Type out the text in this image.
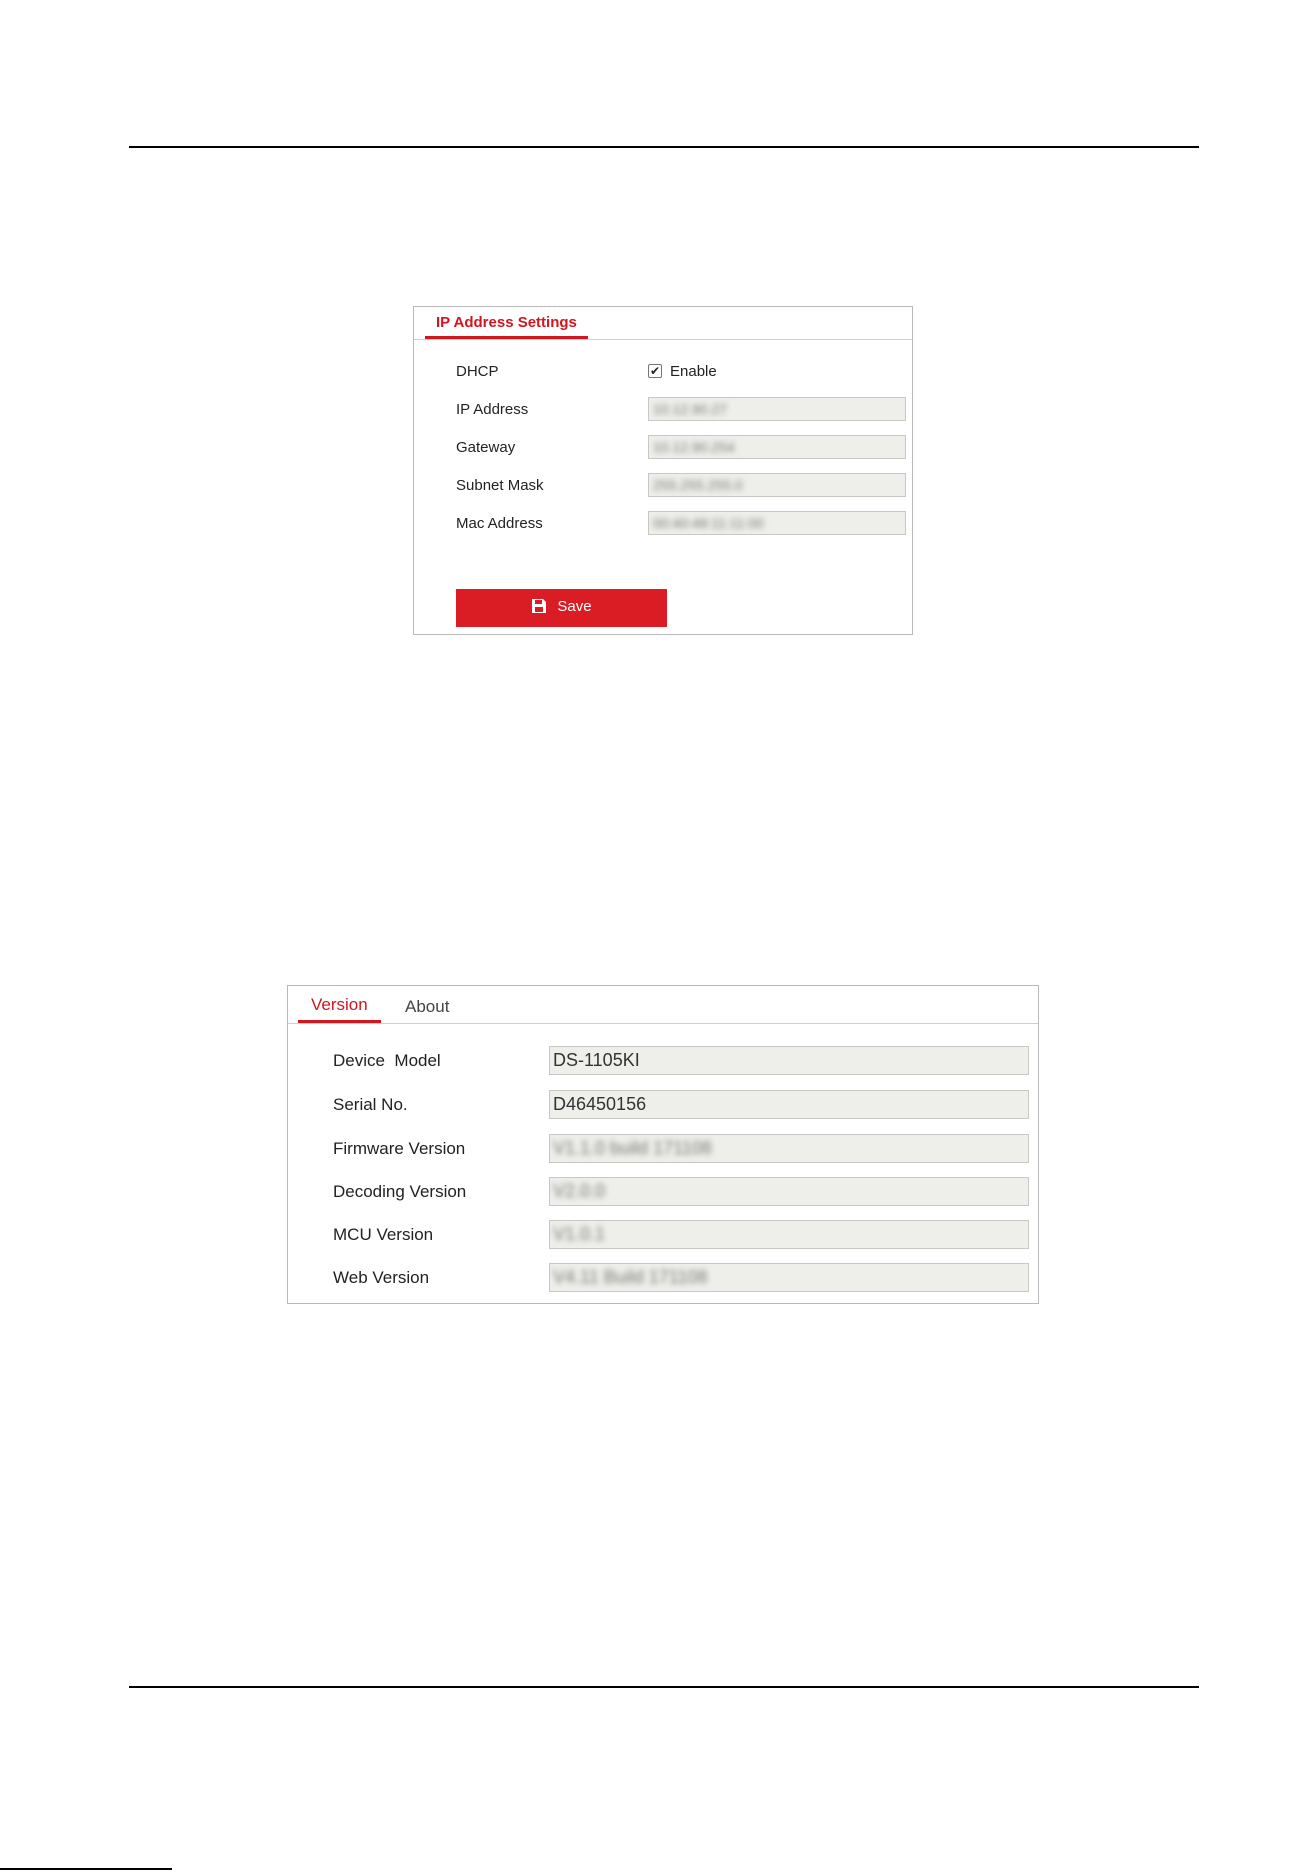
IP Address Settings
DHCP	✔ Enable
IP Address	10.12.90.27
Gateway	10.12.90.254
Subnet Mask	255.255.255.0
Mac Address	00:40:48:11:11:00
Save
Version	About
Device  Model	DS-1105KI
Serial No.	D46450156
Firmware Version	V1.1.0 build 171108
Decoding Version	V2.0.0
MCU Version	V1.0.1
Web Version	V4.11 Build 171108
